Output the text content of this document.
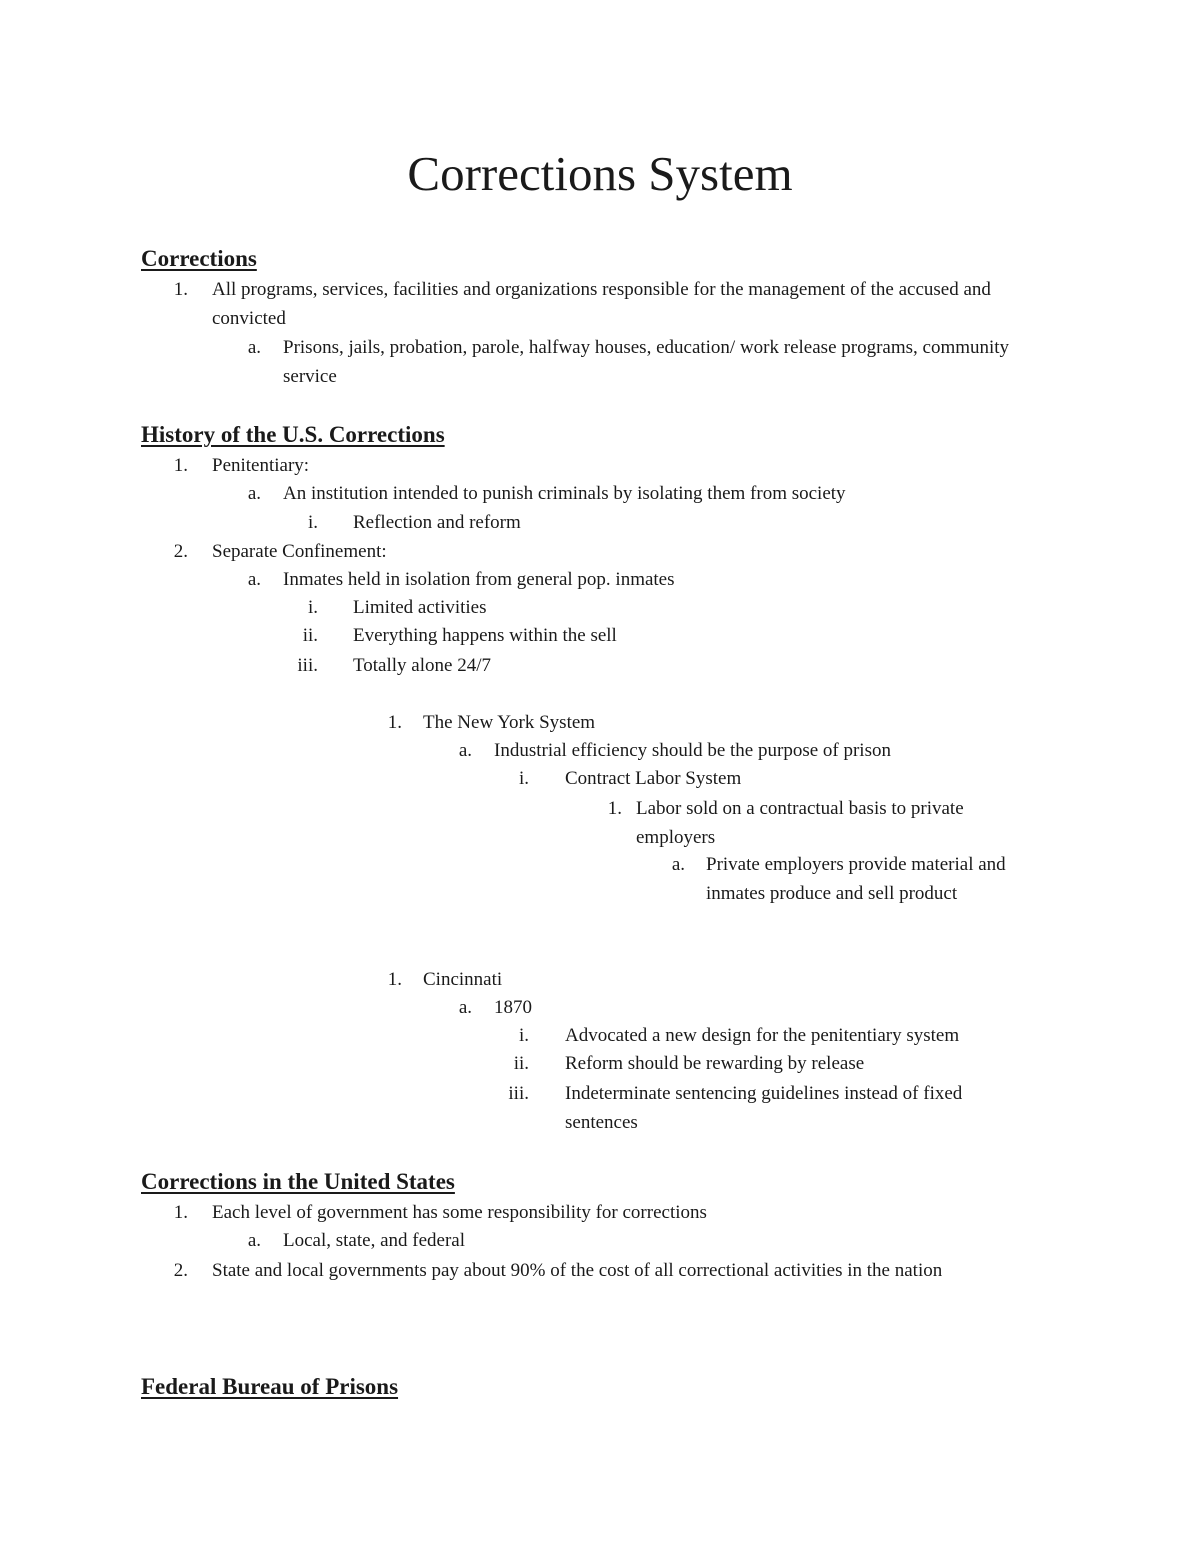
Corrections System
Corrections
1. All programs, services, facilities and organizations responsible for the management of the accused and convicted
a. Prisons, jails, probation, parole, halfway houses, education/ work release programs, community service
History of the U.S. Corrections
1. Penitentiary:
a. An institution intended to punish criminals by isolating them from society
i. Reflection and reform
2. Separate Confinement:
a. Inmates held in isolation from general pop. inmates
i. Limited activities
ii. Everything happens within the sell
iii. Totally alone 24/7
1. The New York System
a. Industrial efficiency should be the purpose of prison
i. Contract Labor System
1. Labor sold on a contractual basis to private employers
a. Private employers provide material and inmates produce and sell product
1. Cincinnati
a. 1870
i. Advocated a new design for the penitentiary system
ii. Reform should be rewarding by release
iii. Indeterminate sentencing guidelines instead of fixed sentences
Corrections in the United States
1. Each level of government has some responsibility for corrections
a. Local, state, and federal
2. State and local governments pay about 90% of the cost of all correctional activities in the nation
Federal Bureau of Prisons
